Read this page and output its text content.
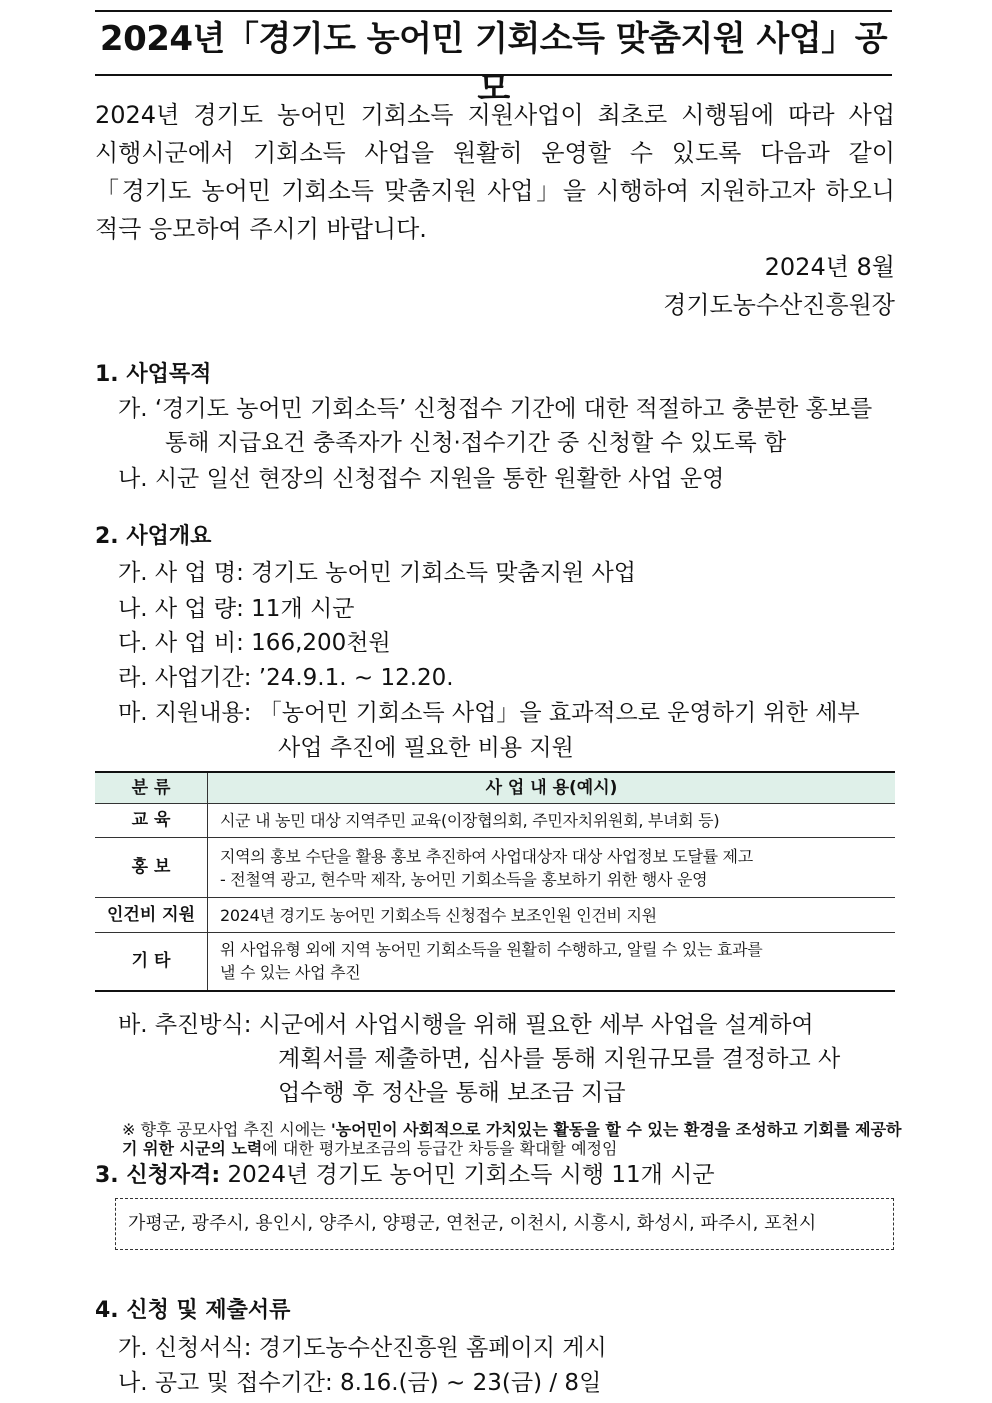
2024년「경기도 농어민 기회소득 맞춤지원 사업」공모
2024년 경기도 농어민 기회소득 지원사업이 최초로 시행됨에 따라 사업
시행시군에서 기회소득 사업을 원활히 운영할 수 있도록 다음과 같이
「경기도 농어민 기회소득 맞춤지원 사업」을 시행하여 지원하고자 하오니
적극 응모하여 주시기 바랍니다.
2024년 8월
경기도농수산진흥원장
1. 사업목적
가. ‘경기도 농어민 기회소득’ 신청접수 기간에 대한 적절하고 충분한 홍보를
통해 지급요건 충족자가 신청·접수기간 중 신청할 수 있도록 함
나. 시군 일선 현장의 신청접수 지원을 통한 원활한 사업 운영
2. 사업개요
가. 사 업 명: 경기도 농어민 기회소득 맞춤지원 사업
나. 사 업 량: 11개 시군
다. 사 업 비: 166,200천원
라. 사업기간: ’24.9.1. ~ 12.20.
마. 지원내용: 「농어민 기회소득 사업」을 효과적으로 운영하기 위한 세부
사업 추진에 필요한 비용 지원
분 류	사 업 내 용(예시)
교 육	시군 내 농민 대상 지역주민 교육(이장협의회, 주민자치위원회, 부녀회 등)
홍 보	지역의 홍보 수단을 활용 홍보 추진하여 사업대상자 대상 사업정보 도달률 제고
- 전철역 광고, 현수막 제작, 농어민 기회소득을 홍보하기 위한 행사 운영

인건비 지원	2024년 경기도 농어민 기회소득 신청접수 보조인원 인건비 지원
기 타	위 사업유형 외에 지역 농어민 기회소득을 원활히 수행하고, 알릴 수 있는 효과를
낼 수 있는 사업 추진
바. 추진방식: 시군에서 사업시행을 위해 필요한 세부 사업을 설계하여
계획서를 제출하면, 심사를 통해 지원규모를 결정하고 사
업수행 후 정산을 통해 보조금 지급
※ 향후 공모사업 추진 시에는 '농어민이 사회적으로 가치있는 활동을 할 수 있는 환경을 조성하고 기회를 제공하기 위한 시군의 노력에 대한 평가보조금의 등급간 차등을 확대할 예정임
3. 신청자격: 2024년 경기도 농어민 기회소득 시행 11개 시군
가평군, 광주시, 용인시, 양주시, 양평군, 연천군, 이천시, 시흥시, 화성시, 파주시, 포천시
4. 신청 및 제출서류
가. 신청서식: 경기도농수산진흥원 홈페이지 게시
나. 공고 및 접수기간: 8.16.(금) ~ 23(금) / 8일
